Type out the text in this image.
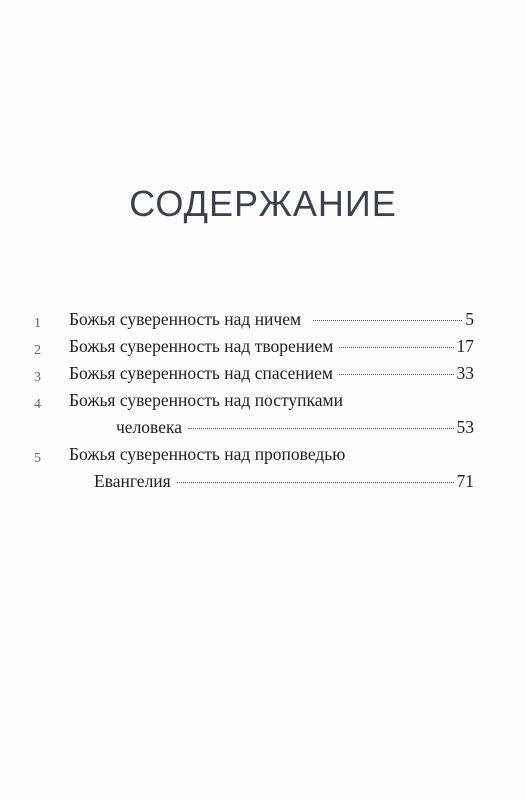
СОДЕРЖАНИЕ
1	Божья суверенность над ничем	5
2	Божья суверенность над творением	17
3	Божья суверенность над спасением	33
4	Божья суверенность над поступками
человека	53
5	Божья суверенность над проповедью
Евангелия	71
